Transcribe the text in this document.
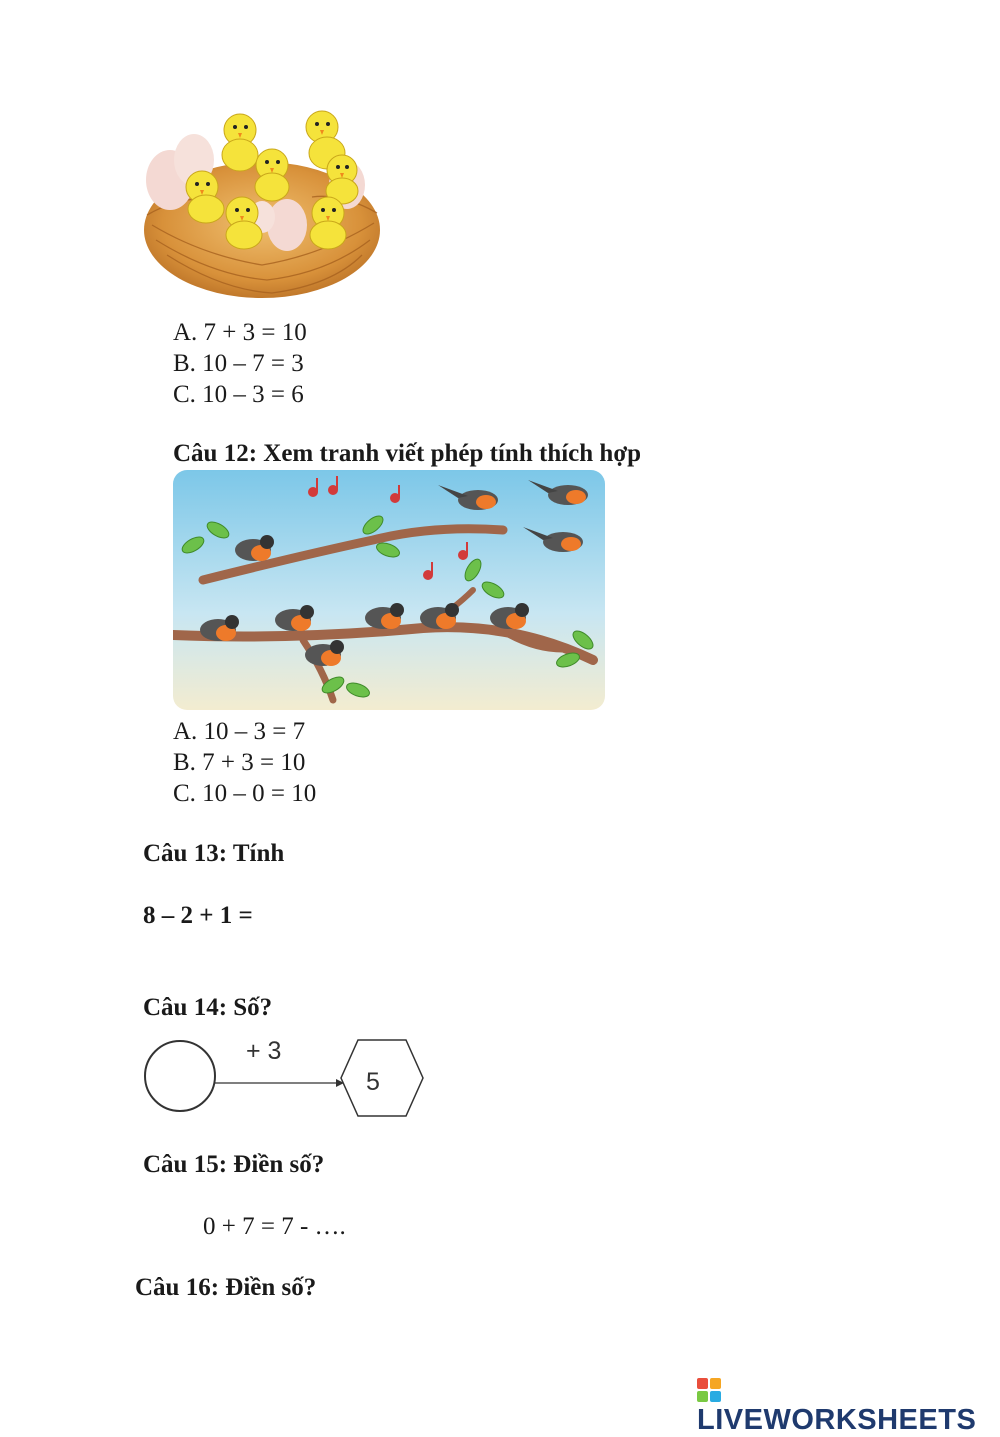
A. 7 + 3 = 10
B. 10 – 7 = 3
C. 10 – 3 = 6
Câu 12: Xem tranh viết phép tính thích hợp
A. 10 – 3 = 7
B. 7 + 3 = 10
C. 10 – 0 = 10
Câu 13: Tính
8 – 2 + 1 =
Câu 14: Số?
+ 3
5
Câu 15: Điền số?
0 + 7 = 7 - ….
Câu 16: Điền số?
LIVEWORKSHEETS
